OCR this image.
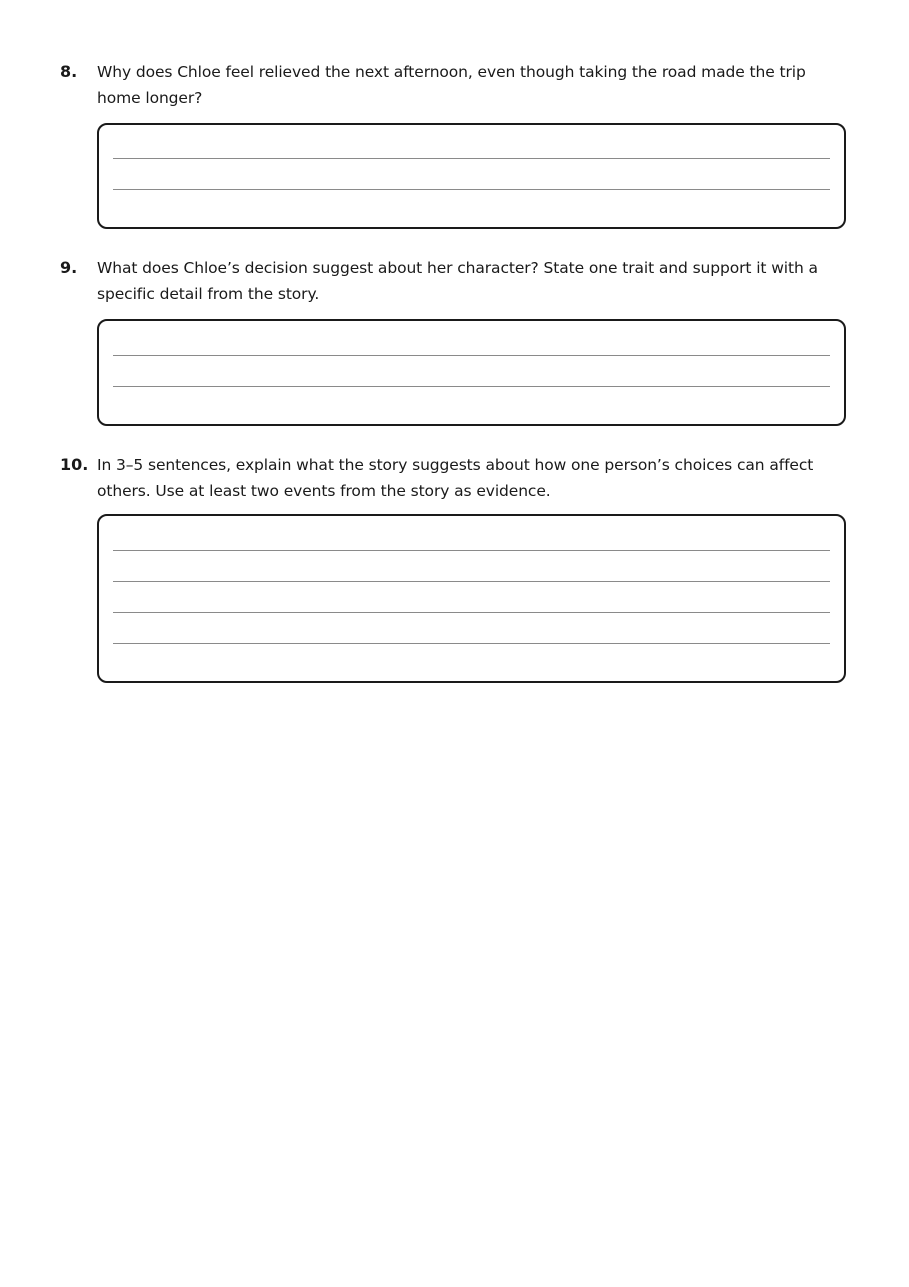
8. Why does Chloe feel relieved the next afternoon, even though taking the road made the trip home longer?
9. What does Chloe’s decision suggest about her character? State one trait and support it with a specific detail from the story.
10. In 3–5 sentences, explain what the story suggests about how one person’s choices can affect others. Use at least two events from the story as evidence.
